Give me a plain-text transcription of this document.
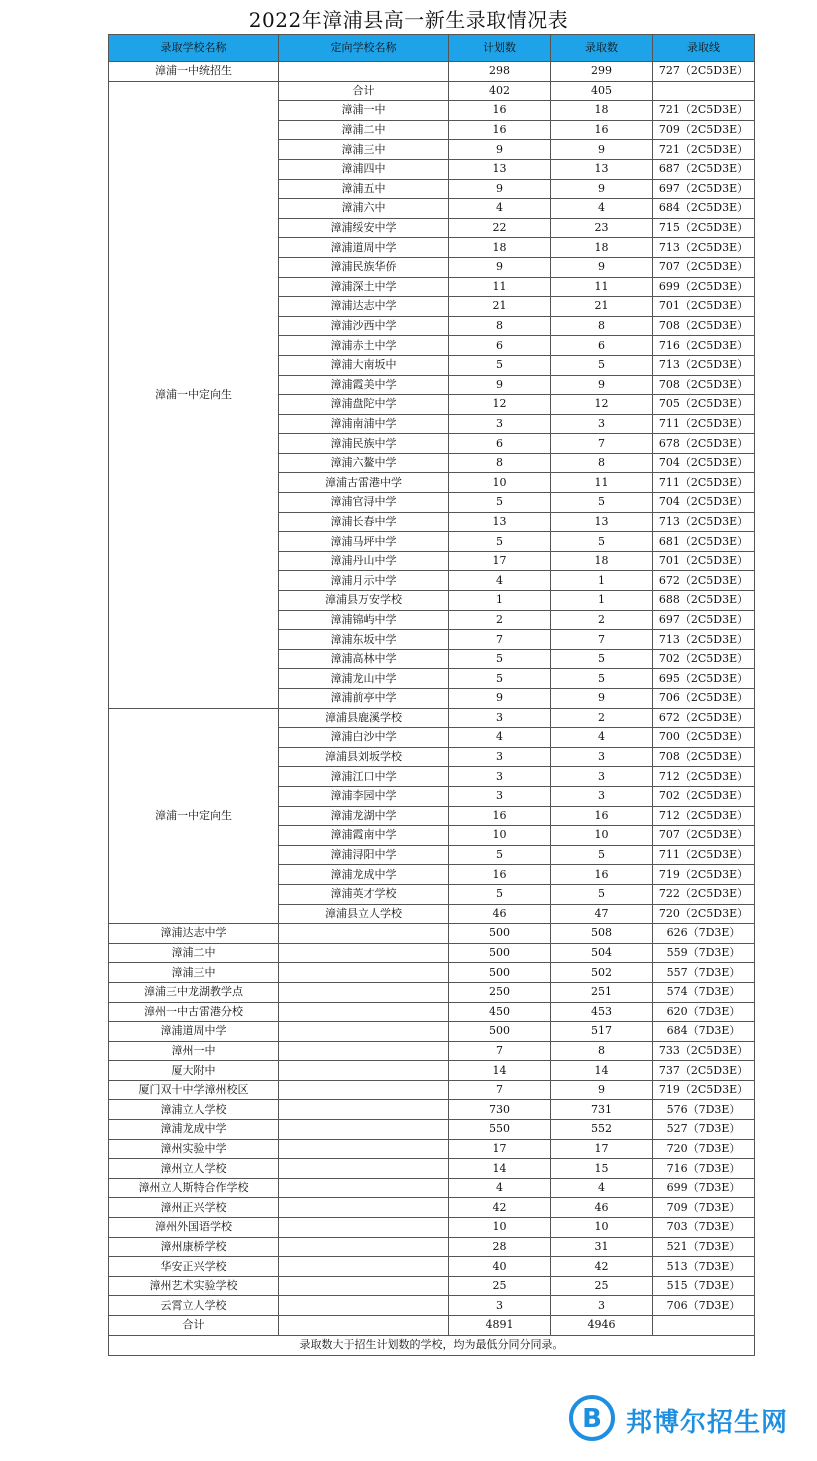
2022年漳浦县高一新生录取情况表
录取学校名称	定向学校名称	计划数	录取数	录取线
漳浦一中统招生		298	299	727（2C5D3E）
漳浦一中定向生	合计	402	405	
	漳浦一中	16	18	721（2C5D3E）
	漳浦二中	16	16	709（2C5D3E）
	漳浦三中	9	9	721（2C5D3E）
	漳浦四中	13	13	687（2C5D3E）
	漳浦五中	9	9	697（2C5D3E）
	漳浦六中	4	4	684（2C5D3E）
	漳浦绥安中学	22	23	715（2C5D3E）
	漳浦道周中学	18	18	713（2C5D3E）
	漳浦民族华侨	9	9	707（2C5D3E）
	漳浦深土中学	11	11	699（2C5D3E）
	漳浦达志中学	21	21	701（2C5D3E）
	漳浦沙西中学	8	8	708（2C5D3E）
	漳浦赤土中学	6	6	716（2C5D3E）
	漳浦大南坂中	5	5	713（2C5D3E）
	漳浦霞美中学	9	9	708（2C5D3E）
	漳浦盘陀中学	12	12	705（2C5D3E）
	漳浦南浦中学	3	3	711（2C5D3E）
	漳浦民族中学	6	7	678（2C5D3E）
	漳浦六鳌中学	8	8	704（2C5D3E）
	漳浦古雷港中学	10	11	711（2C5D3E）
	漳浦官浔中学	5	5	704（2C5D3E）
	漳浦长春中学	13	13	713（2C5D3E）
	漳浦马坪中学	5	5	681（2C5D3E）
	漳浦丹山中学	17	18	701（2C5D3E）
	漳浦月示中学	4	1	672（2C5D3E）
	漳浦县万安学校	1	1	688（2C5D3E）
	漳浦锦屿中学	2	2	697（2C5D3E）
	漳浦东坂中学	7	7	713（2C5D3E）
	漳浦高林中学	5	5	702（2C5D3E）
	漳浦龙山中学	5	5	695（2C5D3E）
	漳浦前亭中学	9	9	706（2C5D3E）
漳浦一中定向生	漳浦县鹿溪学校	3	2	672（2C5D3E）
	漳浦白沙中学	4	4	700（2C5D3E）
	漳浦县刘坂学校	3	3	708（2C5D3E）
	漳浦江口中学	3	3	712（2C5D3E）
	漳浦李园中学	3	3	702（2C5D3E）
	漳浦龙湖中学	16	16	712（2C5D3E）
	漳浦霞南中学	10	10	707（2C5D3E）
	漳浦浔阳中学	5	5	711（2C5D3E）
	漳浦龙成中学	16	16	719（2C5D3E）
	漳浦英才学校	5	5	722（2C5D3E）
	漳浦县立人学校	46	47	720（2C5D3E）
漳浦达志中学		500	508	626（7D3E）
漳浦二中		500	504	559（7D3E）
漳浦三中		500	502	557（7D3E）
漳浦三中龙湖教学点		250	251	574（7D3E）
漳州一中古雷港分校		450	453	620（7D3E）
漳浦道周中学		500	517	684（7D3E）
漳州一中		7	8	733（2C5D3E）
厦大附中		14	14	737（2C5D3E）
厦门双十中学漳州校区		7	9	719（2C5D3E）
漳浦立人学校		730	731	576（7D3E）
漳浦龙成中学		550	552	527（7D3E）
漳州实验中学		17	17	720（7D3E）
漳州立人学校		14	15	716（7D3E）
漳州立人斯特合作学校		4	4	699（7D3E）
漳州正兴学校		42	46	709（7D3E）
漳州外国语学校		10	10	703（7D3E）
漳州康桥学校		28	31	521（7D3E）
华安正兴学校		40	42	513（7D3E）
漳州艺术实验学校		25	25	515（7D3E）
云霄立人学校		3	3	706（7D3E）
合计		4891	4946	
录取数大于招生计划数的学校，均为最低分同分同录。				
B 邦博尔招生网
